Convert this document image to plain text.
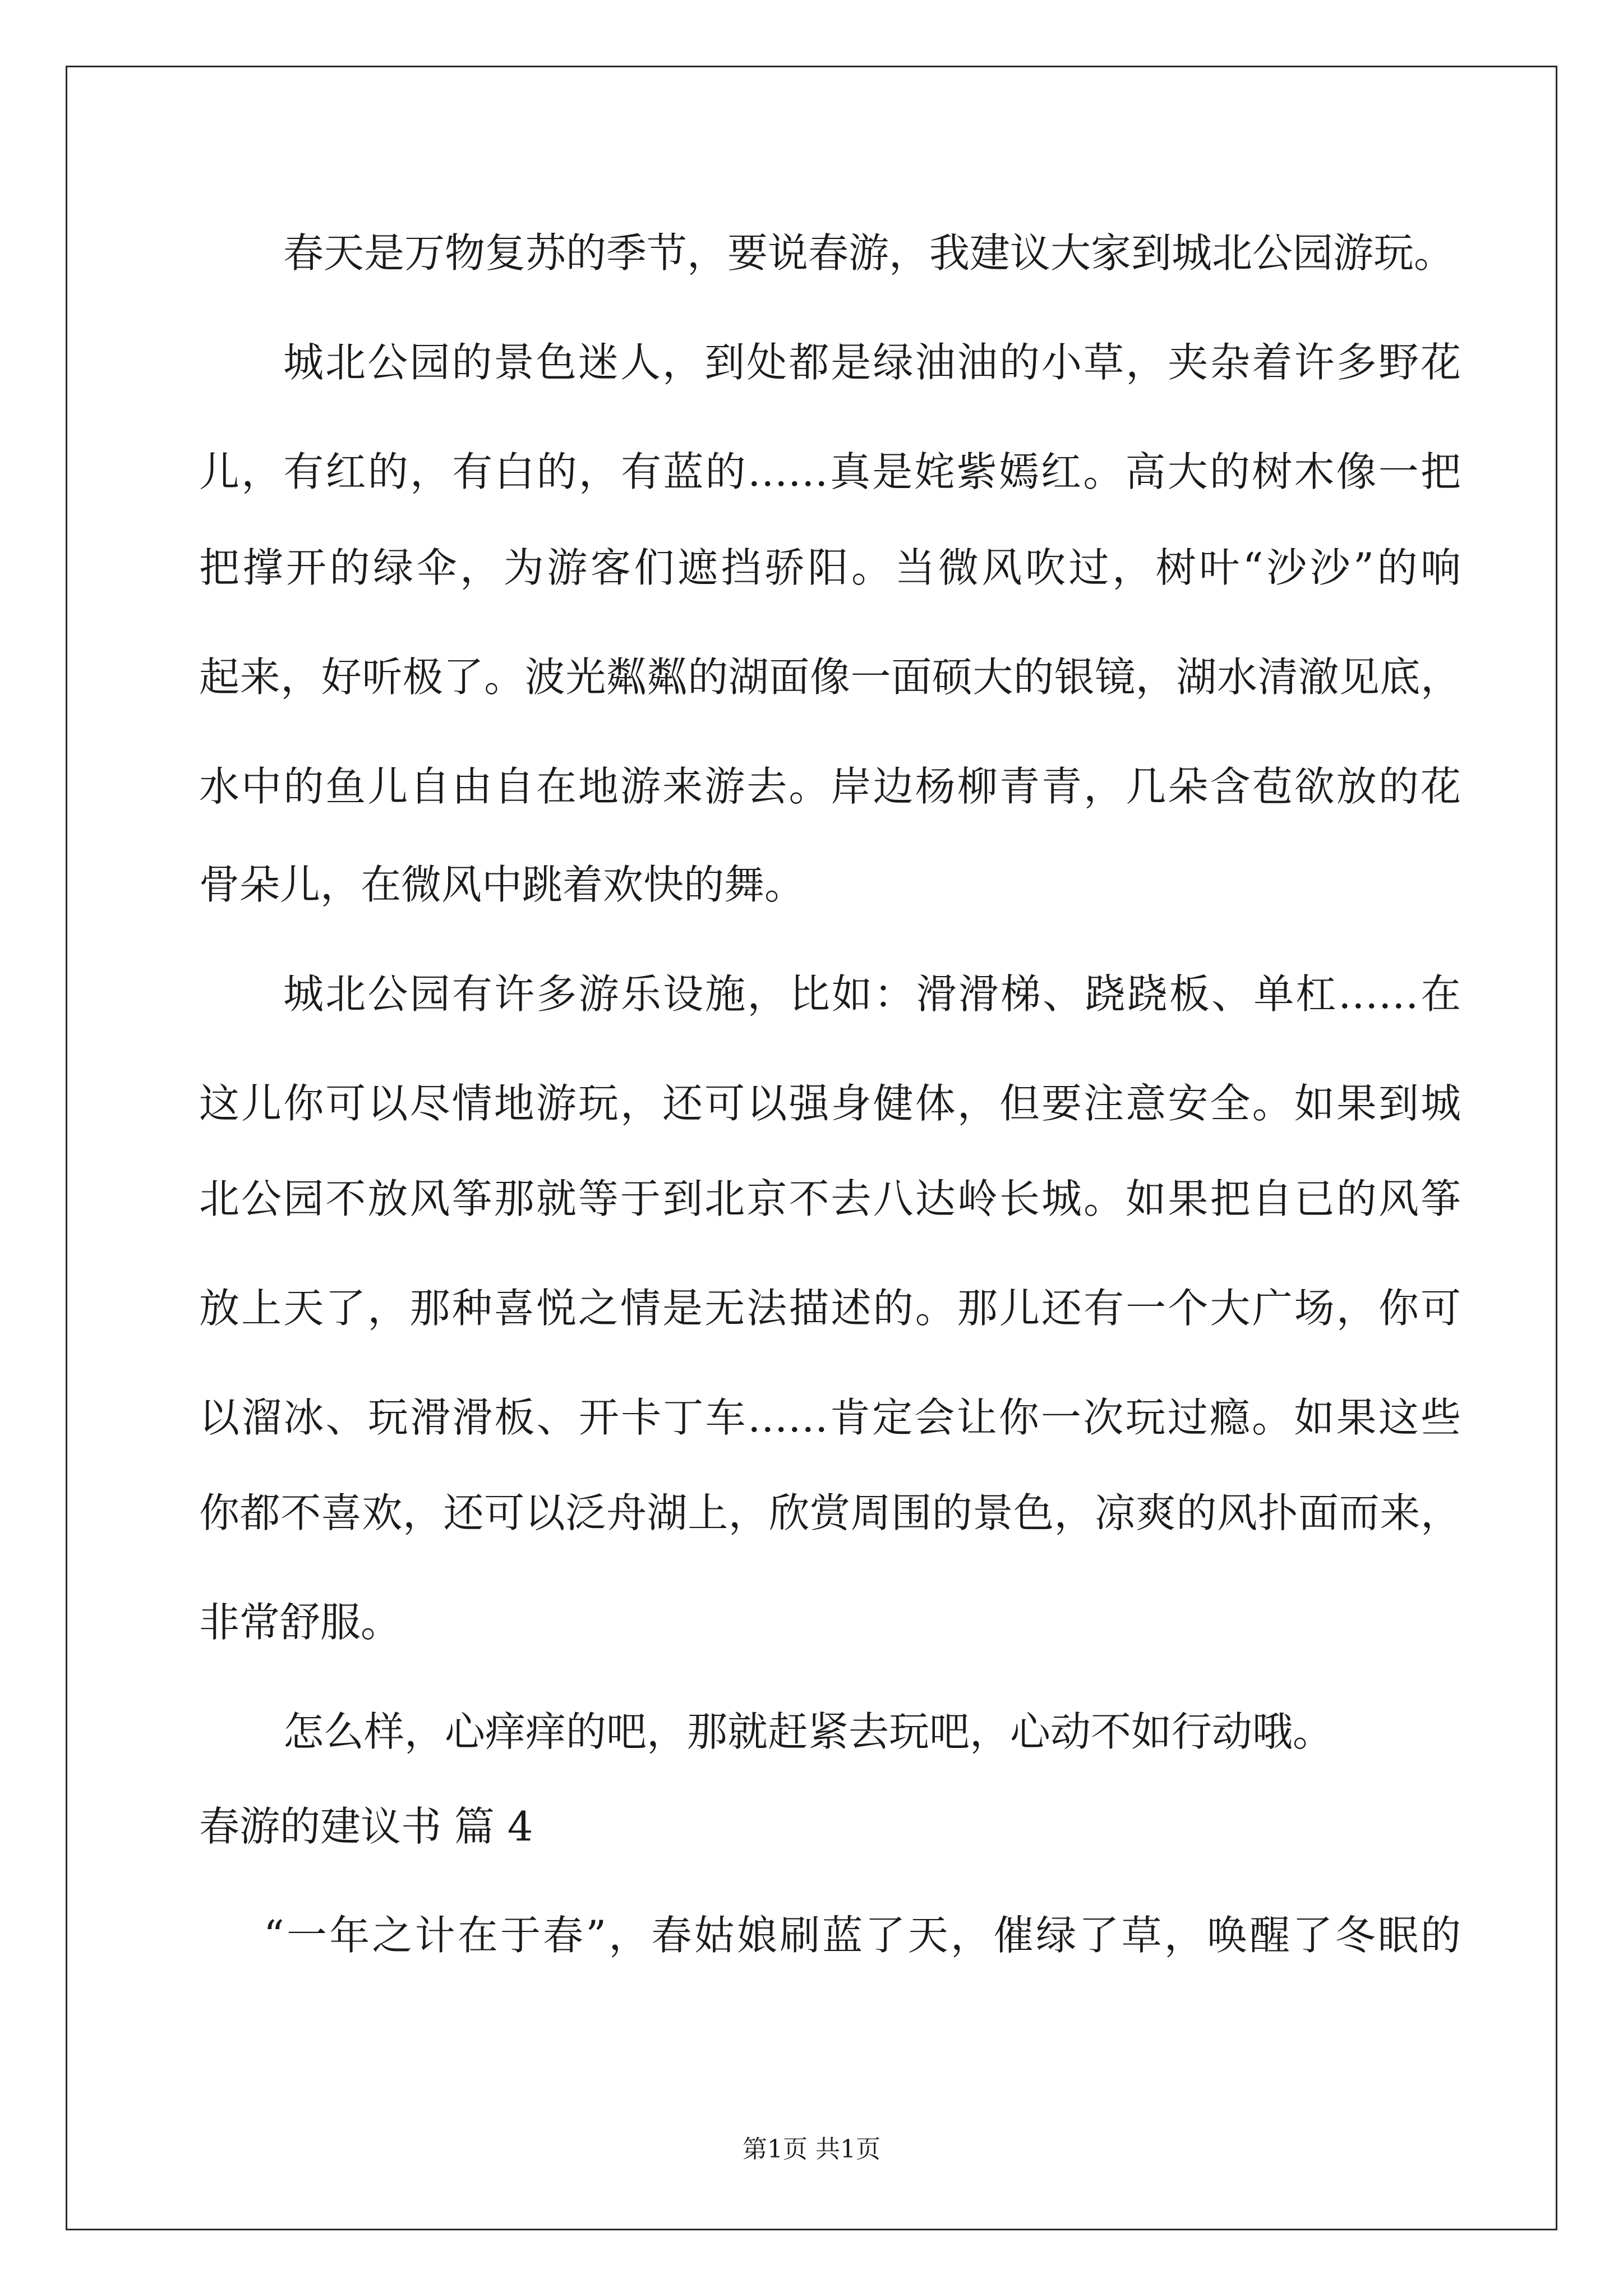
春天是万物复苏的季节，要说春游，我建议大家到城北公园游玩。
城北公园的景色迷人，到处都是绿油油的小草，夹杂着许多野花
儿，有红的，有白的，有蓝的……真是姹紫嫣红。高大的树木像一把
把撑开的绿伞，为游客们遮挡骄阳。当微风吹过，树叶“沙沙”的响
起来，好听极了。波光粼粼的湖面像一面硕大的银镜，湖水清澈见底，
水中的鱼儿自由自在地游来游去。岸边杨柳青青，几朵含苞欲放的花
骨朵儿，在微风中跳着欢快的舞。
城北公园有许多游乐设施，比如：滑滑梯、跷跷板、单杠……在
这儿你可以尽情地游玩，还可以强身健体，但要注意安全。如果到城
北公园不放风筝那就等于到北京不去八达岭长城。如果把自已的风筝
放上天了，那种喜悦之情是无法描述的。那儿还有一个大广场，你可
以溜冰、玩滑滑板、开卡丁车……肯定会让你一次玩过瘾。如果这些
你都不喜欢，还可以泛舟湖上，欣赏周围的景色，凉爽的风扑面而来，
非常舒服。
怎么样，心痒痒的吧，那就赶紧去玩吧，心动不如行动哦。
春游的建议书 篇 4
“一年之计在于春”，春姑娘刷蓝了天，催绿了草，唤醒了冬眠的
第1页 共1页
